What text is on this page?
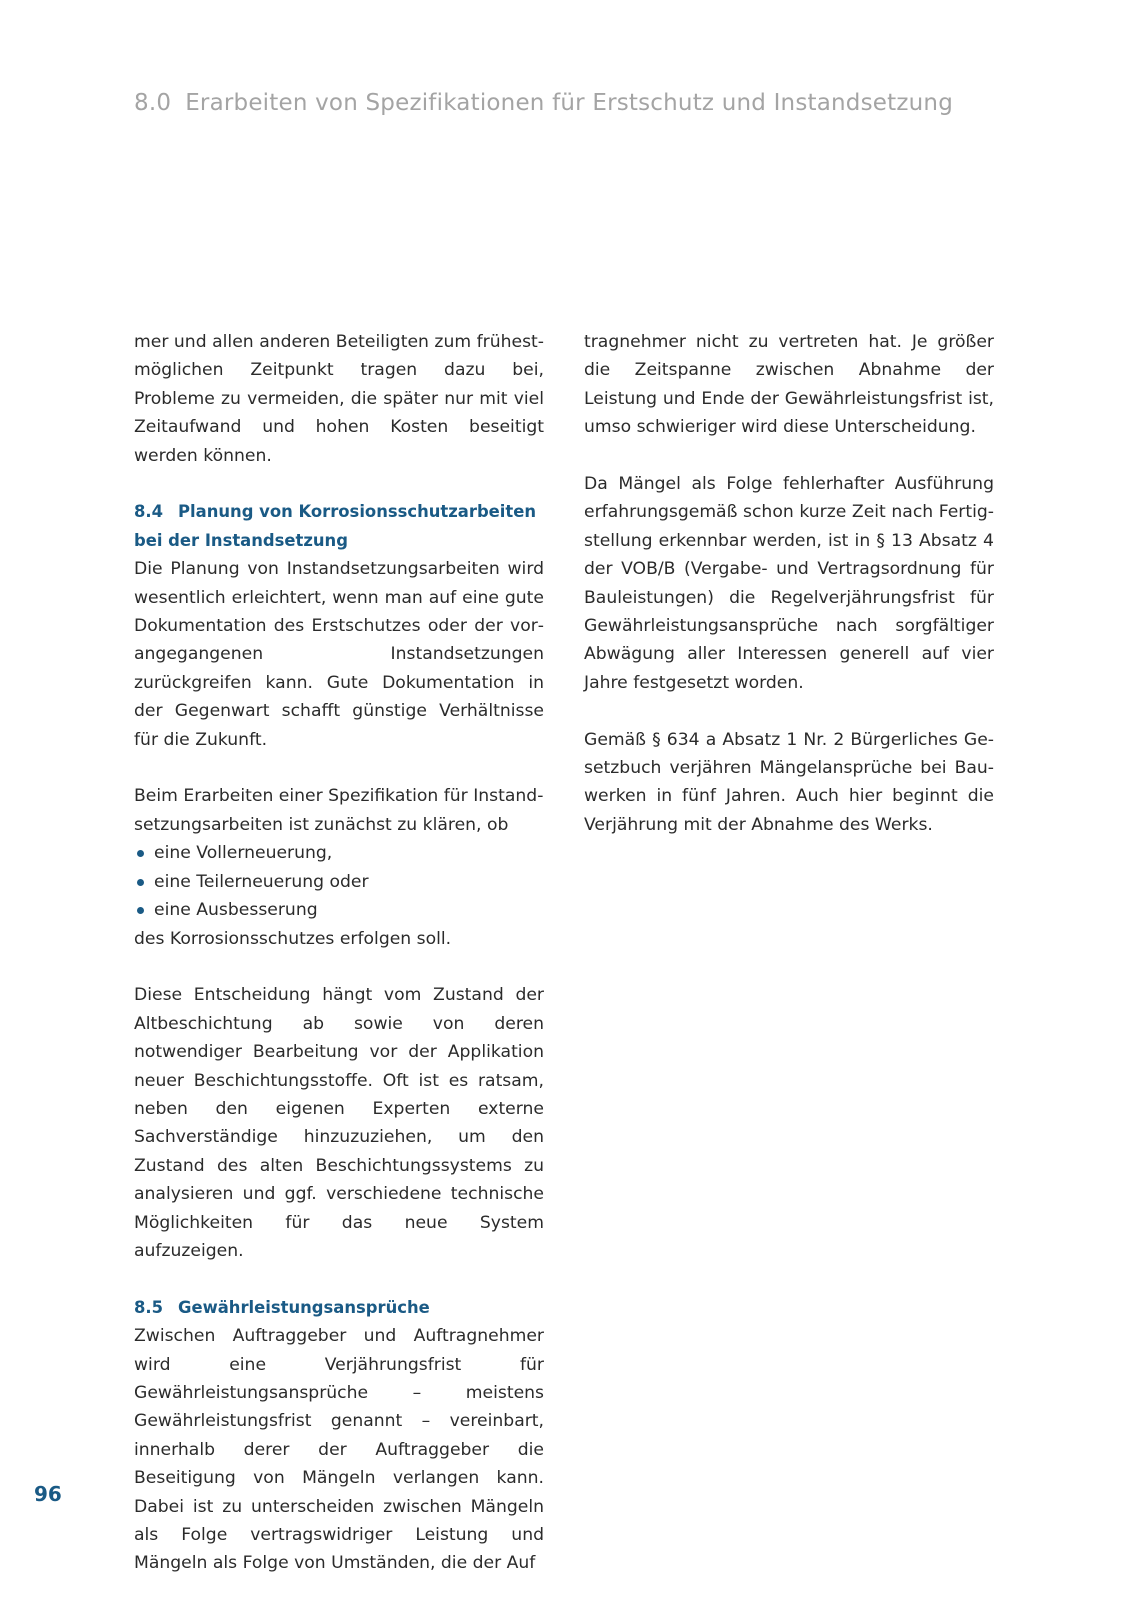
8.0 Erarbeiten von Spezifikationen für Erstschutz und Instandsetzung

mer und allen anderen Beteiligten zum frühestmöglichen Zeitpunkt tragen dazu bei, Probleme zu vermeiden, die später nur mit viel Zeitaufwand und hohen Kosten beseitigt werden können.

8.4 Planung von Korrosionsschutzarbeiten bei der Instandsetzung

Die Planung von Instandsetzungsarbeiten wird wesentlich erleichtert, wenn man auf eine gute Dokumentation des Erstschutzes oder der vorangegangenen Instandsetzungen zurückgreifen kann. Gute Dokumentation in der Gegenwart schafft günstige Verhältnisse für die Zukunft.

Beim Erarbeiten einer Spezifikation für Instandsetzungsarbeiten ist zunächst zu klären, ob

eine Vollerneuerung,
eine Teilerneuerung oder
eine Ausbesserung

des Korrosionsschutzes erfolgen soll.

Diese Entscheidung hängt vom Zustand der Altbeschichtung ab sowie von deren notwendiger Bearbeitung vor der Applikation neuer Beschichtungsstoffe. Oft ist es ratsam, neben den eigenen Experten externe Sachverständige hinzuzuziehen, um den Zustand des alten Beschichtungssystems zu analysieren und ggf. verschiedene technische Möglichkeiten für das neue System aufzuzeigen.

8.5 Gewährleistungsansprüche

Zwischen Auftraggeber und Auftragnehmer wird eine Verjährungsfrist für Gewährleistungsansprüche – meistens Gewährleistungsfrist genannt – vereinbart, innerhalb derer der Auftraggeber die Beseitigung von Mängeln verlangen kann. Dabei ist zu unterscheiden zwischen Mängeln als Folge vertragswidriger Leistung und Mängeln als Folge von Umständen, die der Auf

tragnehmer nicht zu vertreten hat. Je größer die Zeitspanne zwischen Abnahme der Leistung und Ende der Gewährleistungsfrist ist, umso schwieriger wird diese Unterscheidung.

Da Mängel als Folge fehlerhafter Ausführung erfahrungsgemäß schon kurze Zeit nach Fertigstellung erkennbar werden, ist in § 13 Absatz 4 der VOB/B (Vergabe- und Vertragsordnung für Bauleistungen) die Regelverjährungsfrist für Gewährleistungsansprüche nach sorgfältiger Abwägung aller Interessen generell auf vier Jahre festgesetzt worden.

Gemäß § 634 a Absatz 1 Nr. 2 Bürgerliches Gesetzbuch verjähren Mängelansprüche bei Bauwerken in fünf Jahren. Auch hier beginnt die Verjährung mit der Abnahme des Werks.

96
